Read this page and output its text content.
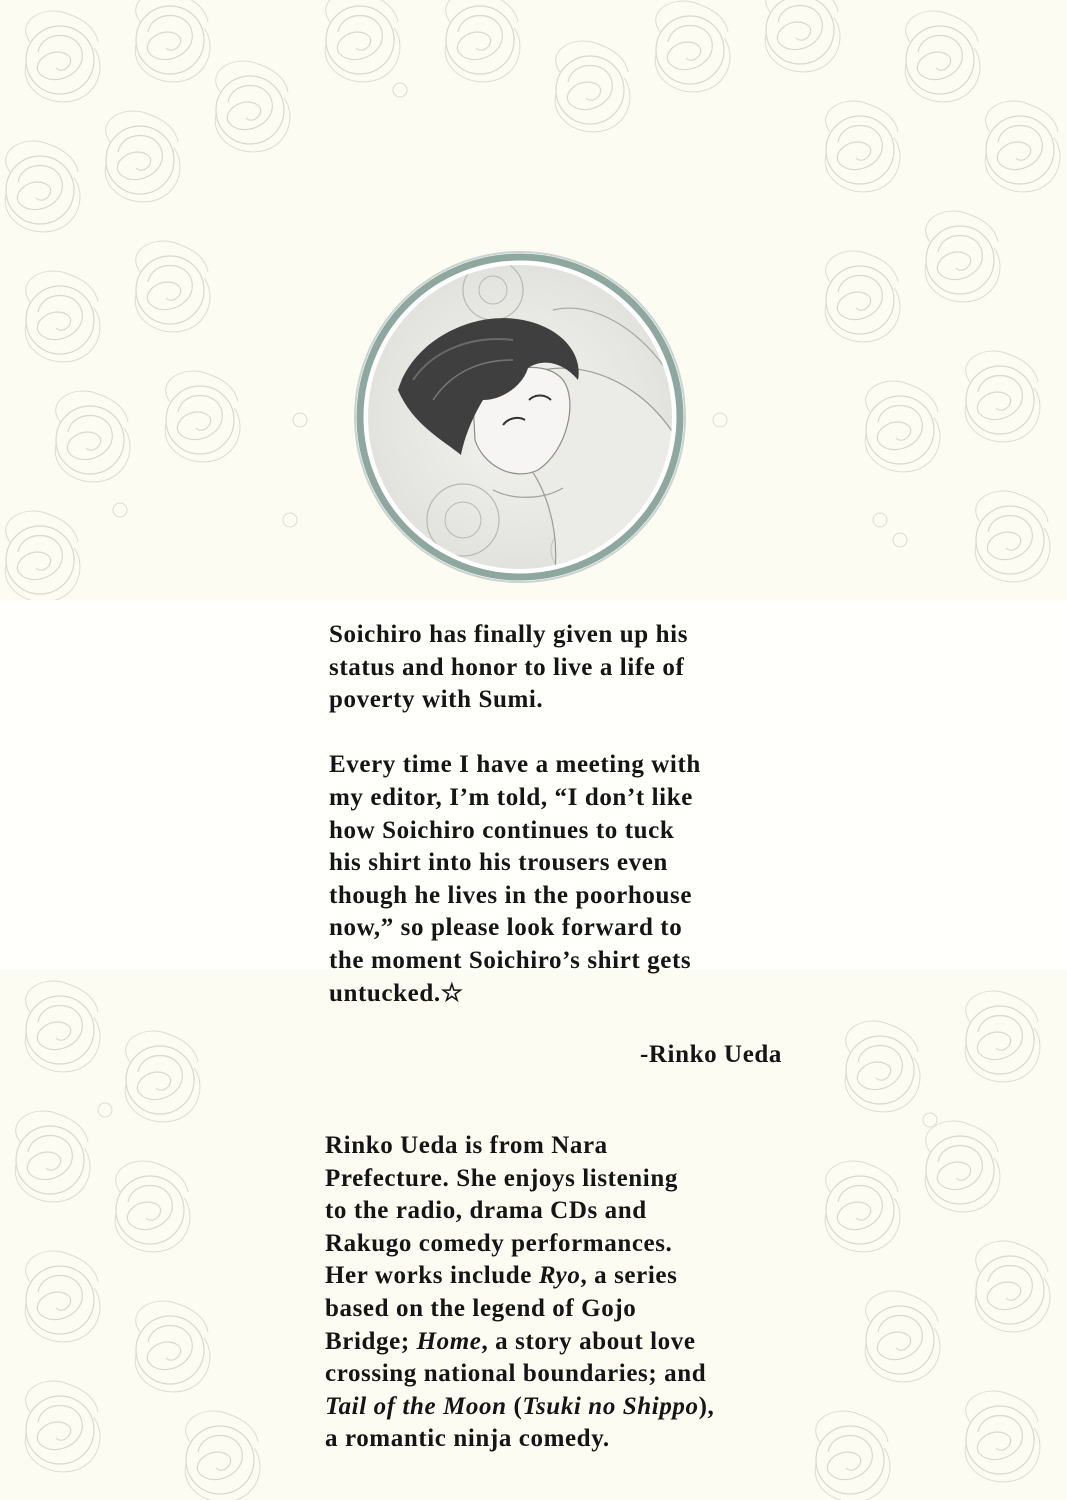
Soichiro has finally given up his
status and honor to live a life of
poverty with Sumi.
Every time I have a meeting with
my editor, I’m told, “I don’t like
how Soichiro continues to tuck
his shirt into his trousers even
though he lives in the poorhouse
now,” so please look forward to
the moment Soichiro’s shirt gets
untucked.☆
-Rinko Ueda
Rinko Ueda is from Nara
Prefecture. She enjoys listening
to the radio, drama CDs and
Rakugo comedy performances.
Her works include Ryo, a series
based on the legend of Gojo
Bridge; Home, a story about love
crossing national boundaries; and
Tail of the Moon (Tsuki no Shippo),
a romantic ninja comedy.
